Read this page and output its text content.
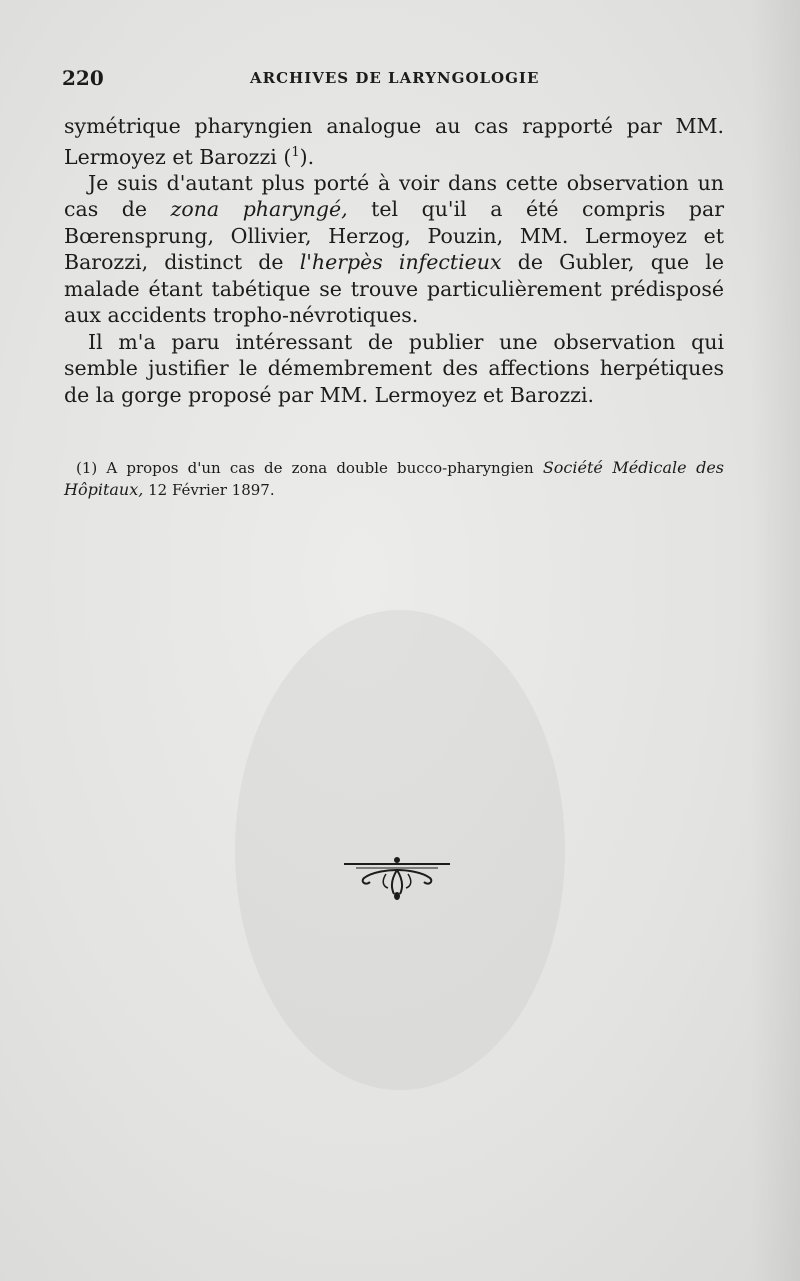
220	ARCHIVES DE LARYNGOLOGIE

symétrique pharyngien analogue au cas rapporté par MM. Lermoyez et Barozzi ($^1$).

Je suis d'autant plus porté à voir dans cette observation un cas de zona pharyngé, tel qu'il a été compris par Bœrensprung, Ollivier, Herzog, Pouzin, MM. Lermoyez et Barozzi, distinct de l'herpès infectieux de Gubler, que le malade étant tabétique se trouve particulièrement prédisposé aux accidents tropho-névrotiques.

Il m'a paru intéressant de publier une observation qui semble justifier le démembrement des affections herpétiques de la gorge proposé par MM. Lermoyez et Barozzi.

(1) A propos d'un cas de zona double bucco-pharyngien Société Médicale des Hôpitaux, 12 Février 1897.
